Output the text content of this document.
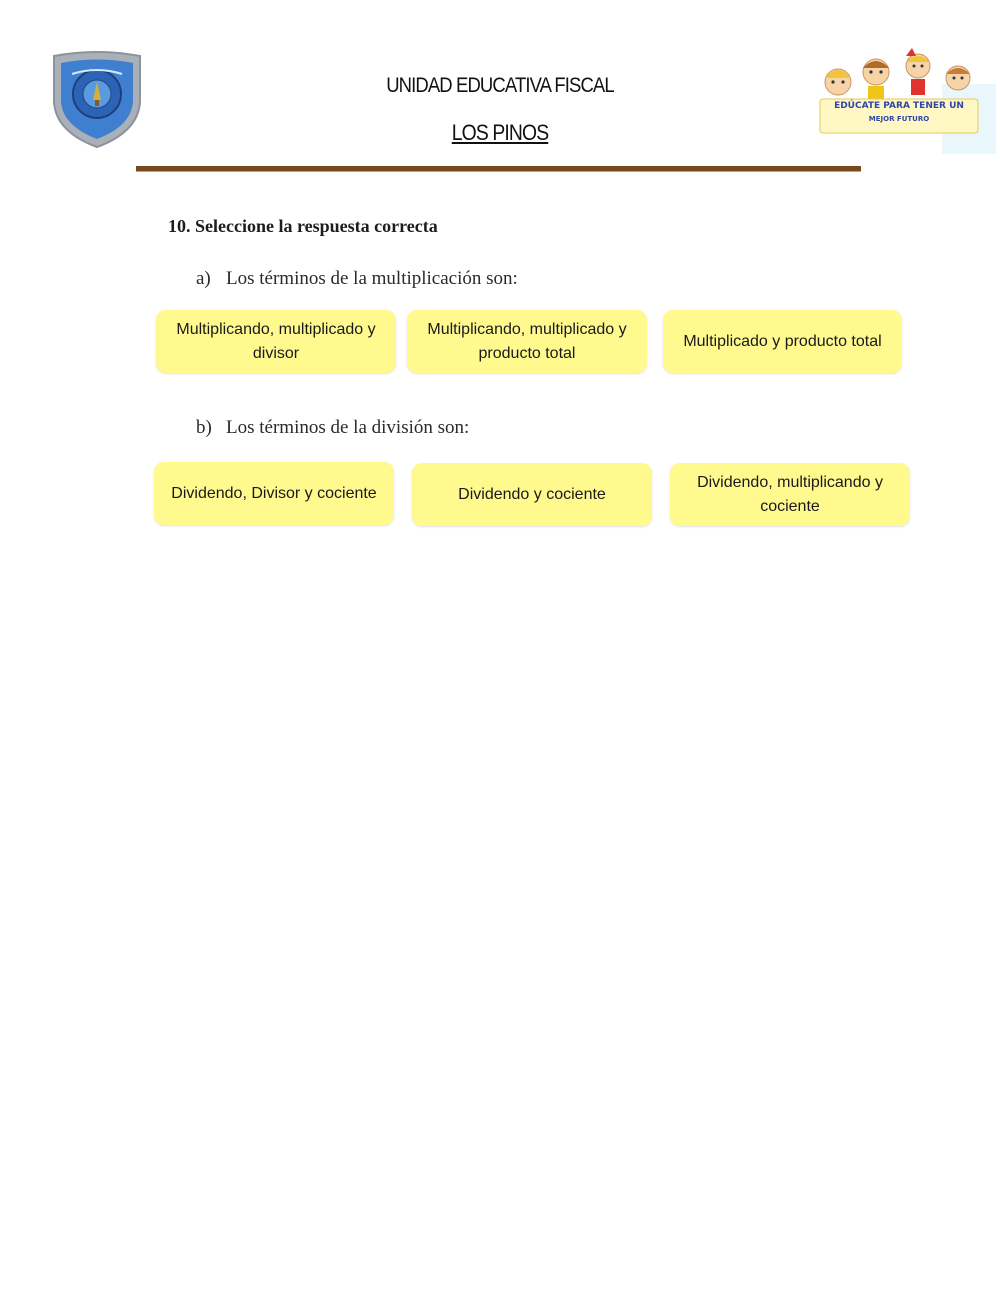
UNIDAD EDUCATIVA FISCAL
LOS PINOS
EDÚCATE PARA TENER UN
MEJOR FUTURO
10. Seleccione la respuesta correcta
a) Los términos de la multiplicación son:
Multiplicando, multiplicado y divisor
Multiplicando, multiplicado y producto total
Multiplicado y producto total
b) Los términos de la división son:
Dividendo, Divisor y cociente	Dividendo y cociente
Dividendo, multiplicando y cociente
